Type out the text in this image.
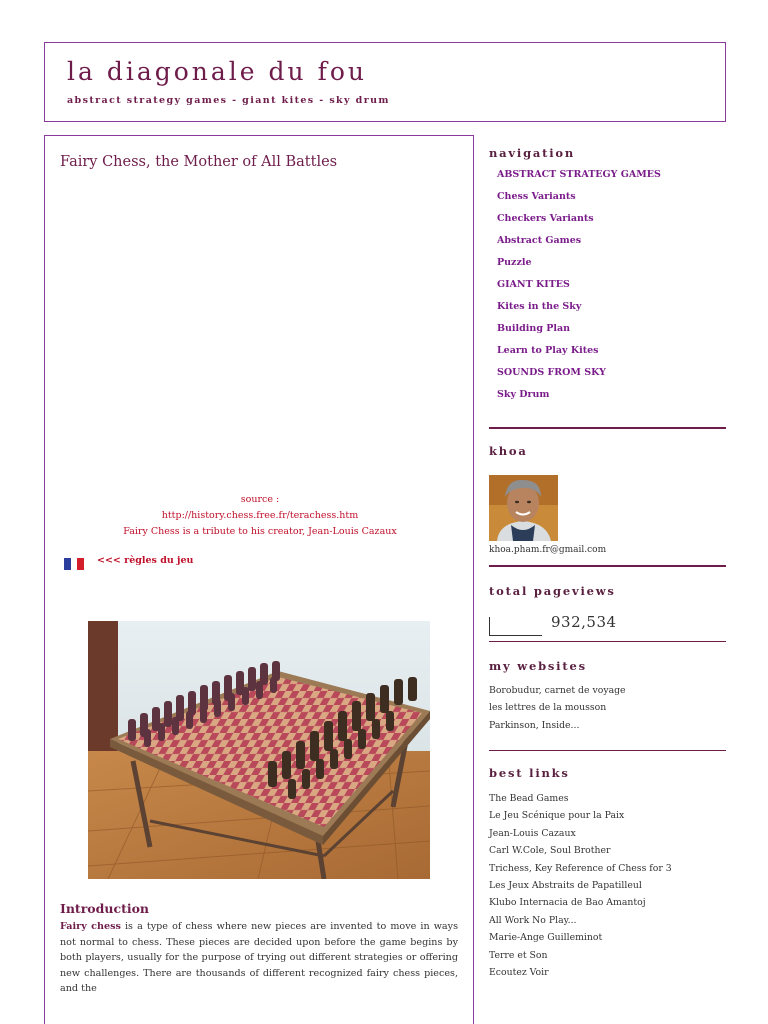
la diagonale du fou
abstract strategy games - giant kites - sky drum
Fairy Chess, the Mother of All Battles
source :
http://history.chess.free.fr/terachess.htm
Fairy Chess is a tribute to his creator, Jean-Louis Cazaux
<<< règles du jeu
Introduction

Fairy chess is a type of chess where new pieces are invented to move in ways not normal to chess. These pieces are decided upon before the game begins by both players, usually for the purpose of trying out different strategies or offering new challenges. There are thousands of different recognized fairy chess pieces, and the

navigation
ABSTRACT STRATEGY GAMES
Chess Variants
Checkers Variants
Abstract Games
Puzzle
GIANT KITES
Kites in the Sky
Building Plan
Learn to Play Kites
SOUNDS FROM SKY
Sky Drum
khoa
khoa.pham.fr@gmail.com
total pageviews
932,534
my websites
Borobudur, carnet de voyage
les lettres de la mousson
Parkinson, Inside...
best links
The Bead Games
Le Jeu Scénique pour la Paix
Jean-Louis Cazaux
Carl W.Cole, Soul Brother
Trichess, Key Reference of Chess for 3
Les Jeux Abstraits de Papatilleul
Klubo Internacia de Bao Amantoj
All Work No Play...
Marie-Ange Guilleminot
Terre et Son
Ecoutez Voir
